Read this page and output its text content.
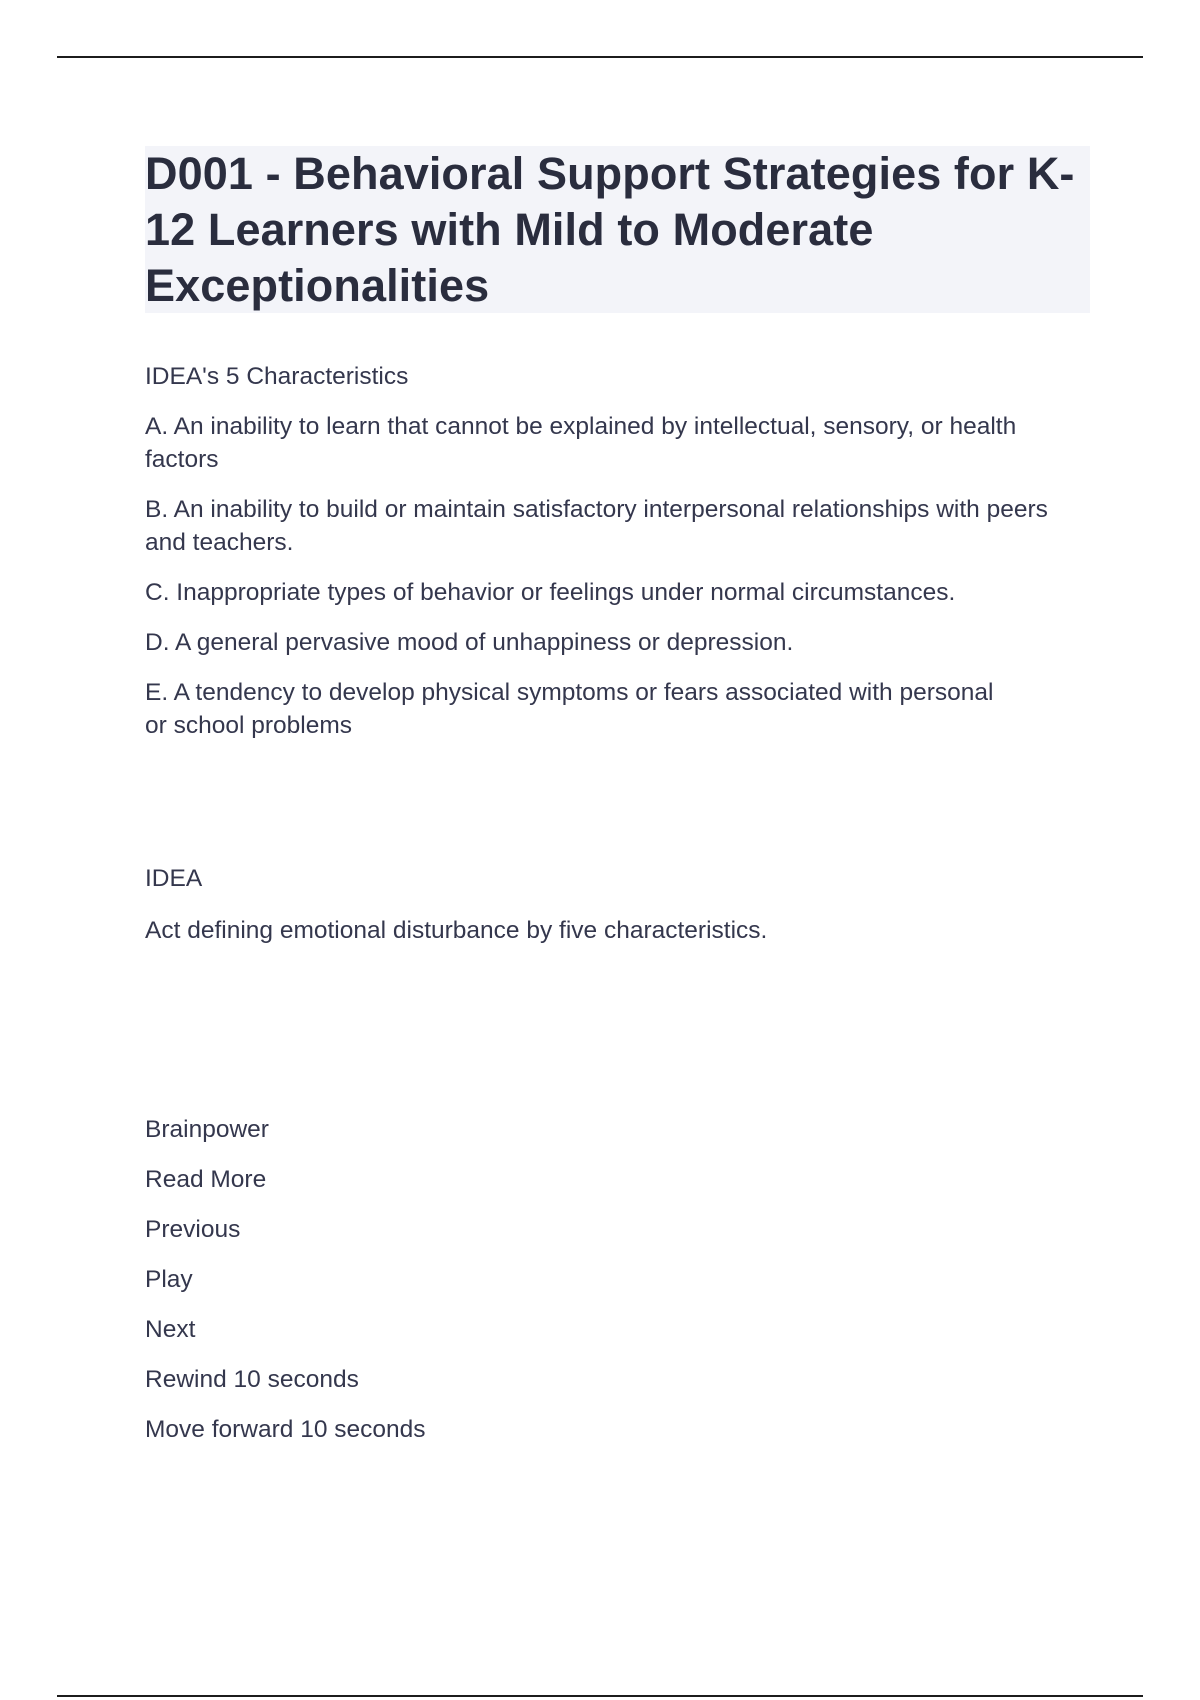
D001 - Behavioral Support Strategies for K-12 Learners with Mild to Moderate Exceptionalities

IDEA's 5 Characteristics

A. An inability to learn that cannot be explained by intellectual, sensory, or health factors

B. An inability to build or maintain satisfactory interpersonal relationships with peers and teachers.

C. Inappropriate types of behavior or feelings under normal circumstances.

D. A general pervasive mood of unhappiness or depression.

E. A tendency to develop physical symptoms or fears associated with personal or school problems

IDEA

Act defining emotional disturbance by five characteristics.

Brainpower
Read More
Previous
Play
Next
Rewind 10 seconds
Move forward 10 seconds
